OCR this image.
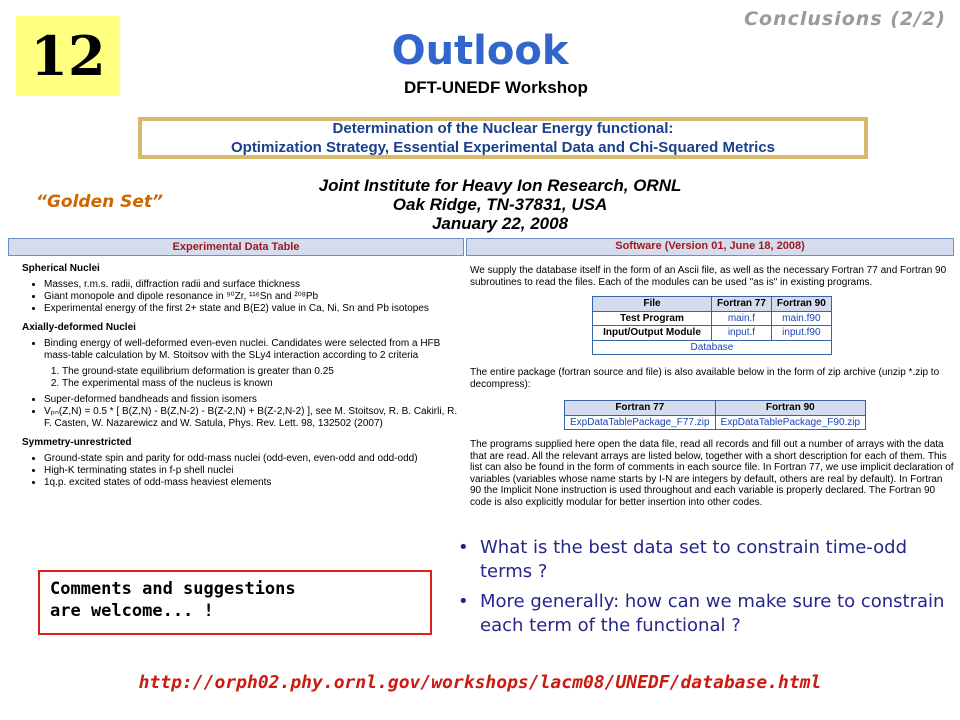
12
Conclusions (2/2)
Outlook
DFT-UNEDF Workshop
Determination of the Nuclear Energy functional:
Optimization Strategy, Essential Experimental Data and Chi-Squared Metrics
Joint Institute for Heavy Ion Research, ORNL
Oak Ridge, TN-37831, USA
January 22, 2008
“Golden Set”
Experimental Data Table
Spherical Nuclei
• Masses, r.m.s. radii, diffraction radii and surface thickness
• Giant monopole and dipole resonance in ⁹⁰Zr, ¹¹⁶Sn and ²⁰⁸Pb
• Experimental energy of the first 2+ state and B(E2) value in Ca, Ni, Sn and Pb isotopes
Axially-deformed Nuclei
• Binding energy of well-deformed even-even nuclei. Candidates were selected from a HFB mass-table calculation by M. Stoitsov with the SLy4 interaction according to 2 criteria
1. The ground-state equilibrium deformation is greater than 0.25
2. The experimental mass of the nucleus is known
• Super-deformed bandheads and fission isomers
• Vₚₙ(Z,N) = 0.5 * [ B(Z,N) - B(Z,N-2) - B(Z-2,N) + B(Z-2,N-2) ], see M. Stoitsov, R. B. Cakirli, R. F. Casten, W. Nazarewicz and W. Satula, Phys. Rev. Lett. 98, 132502 (2007)
Symmetry-unrestricted
• Ground-state spin and parity for odd-mass nuclei (odd-even, even-odd and odd-odd)
• High-K terminating states in f-p shell nuclei
• 1q.p. excited states of odd-mass heaviest elements
Software (Version 01, June 18, 2008)

We supply the database itself in the form of an Ascii file, as well as the necessary Fortran 77 and Fortran 90 subroutines to read the files. Each of the modules can be used "as is" in existing programs.

File	Fortran 77	Fortran 90
Test Program	main.f	main.f90
Input/Output Module	input.f	input.f90
Database		

The entire package (fortran source and file) is also available below in the form of zip archive (unzip *.zip to decompress):

Fortran 77	Fortran 90
ExpDataTablePackage_F77.zip	ExpDataTablePackage_F90.zip

The programs supplied here open the data file, read all records and fill out a number of arrays with the data that are read. All the relevant arrays are listed below, together with a short description for each of them. This list can also be found in the form of comments in each source file. In Fortran 77, we use implicit declaration of variables (variables whose name starts by I-N are integers by default, others are real by default). In Fortran 90 the Implicit None instruction is used throughout and each variable is properly declared. The Fortran 90 code is also explicitly modular for better insertion into other codes.

Comments and suggestions
are welcome... !
• What is the best data set to constrain time-odd terms ?
• More generally: how can we make sure to constrain each term of the functional ?
http://orph02.phy.ornl.gov/workshops/lacm08/UNEDF/database.html
